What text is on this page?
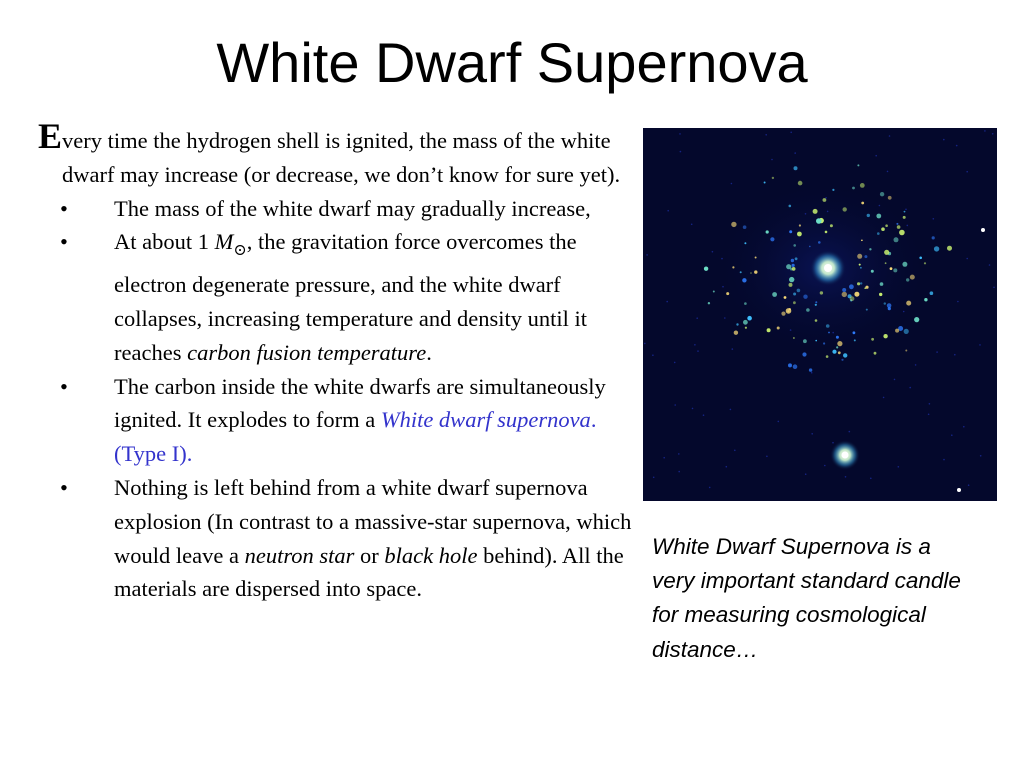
White Dwarf Supernova

Every time the hydrogen shell is ignited, the mass of the white dwarf may increase (or decrease, we don’t know for sure yet).

• The mass of the white dwarf may gradually increase,
• At about 1 $M_⊙$, the gravitation force overcomes the electron degenerate pressure, and the white dwarf collapses, increasing temperature and density until it reaches carbon fusion temperature.
• The carbon inside the white dwarfs are simultaneously ignited. It explodes to form a White dwarf supernova. (Type I).
• Nothing is left behind from a white dwarf supernova explosion (In contrast to a massive-star supernova, which would leave a neutron star or black hole behind). All the materials are dispersed into space.
White Dwarf Supernova is a very important standard candle for measuring cosmological distance…
